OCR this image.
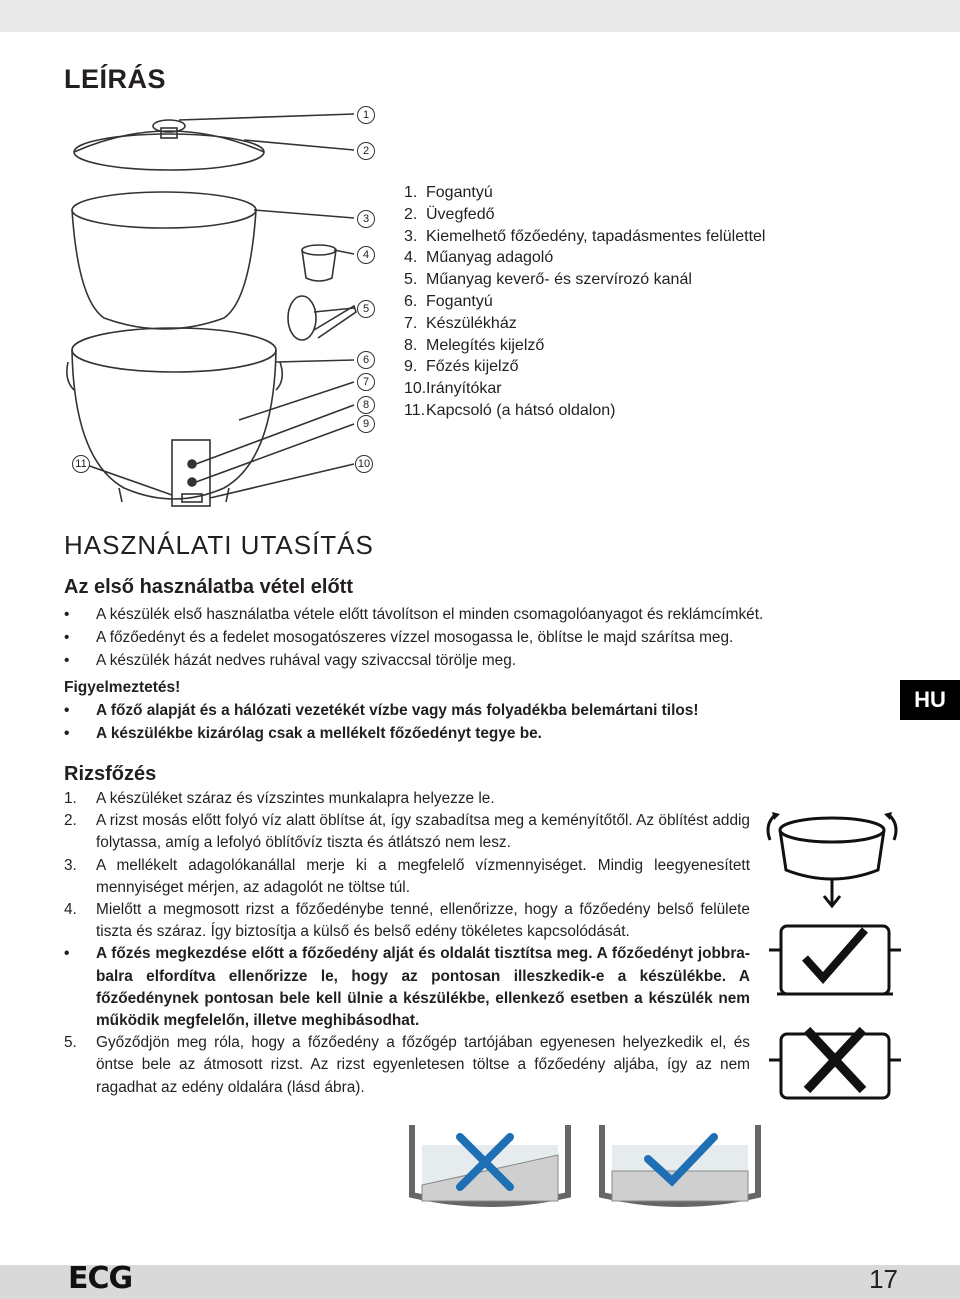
LEÍRÁS
1
2
3
4
5
6
7
8
9
11	10
1. Fogantyú
2. Üvegfedő
3. Kiemelhető főzőedény, tapadásmentes felülettel
4. Műanyag adagoló
5. Műanyag keverő- és szervírozó kanál
6. Fogantyú
7. Készülékház
8. Melegítés kijelző
9. Főzés kijelző
10. Irányítókar
11. Kapcsoló (a hátsó oldalon)
HASZNÁLATI UTASÍTÁS
Az első használatba vétel előtt
• A készülék első használatba vétele előtt távolítson el minden csomagolóanyagot és reklámcímkét.
• A főzőedényt és a fedelet mosogatószeres vízzel mosogassa le, öblítse le majd szárítsa meg.
• A készülék házát nedves ruhával vagy szivaccsal törölje meg.
Figyelmeztetés!
• A főző alapját és a hálózati vezetékét vízbe vagy más folyadékba belemártani tilos!
• A készülékbe kizárólag csak a mellékelt főzőedényt tegye be.
HU
Rizsfőzés
1. A készüléket száraz és vízszintes munkalapra helyezze le.
2. A rizst mosás előtt folyó víz alatt öblítse át, így szabadítsa meg a keményítőtől. Az öblítést addig folytassa, amíg a lefolyó öblítővíz tiszta és átlátszó nem lesz.
3. A mellékelt adagolókanállal merje ki a megfelelő vízmennyiséget. Mindig leegyenesített mennyiséget mérjen, az adagolót ne töltse túl.
4. Mielőtt a megmosott rizst a főzőedénybe tenné, ellenőrizze, hogy a főzőedény belső felülete tiszta és száraz. Így biztosítja a külső és belső edény tökéletes kapcsolódását.
• A főzés megkezdése előtt a főzőedény alját és oldalát tisztítsa meg. A főzőedényt jobbra-balra elfordítva ellenőrizze le, hogy az pontosan illeszkedik-e a készülékbe. A főzőedénynek pontosan bele kell ülnie a készülékbe, ellenkező esetben a készülék nem működik megfelelőn, illetve meghibásodhat.
5. Győződjön meg róla, hogy a főzőedény a főzőgép tartójában egyenesen helyezkedik el, és öntse bele az átmosott rizst. Az rizst egyenletesen töltse a főzőedény aljába, így az nem ragadhat az edény oldalára (lásd ábra).
ECG	17
